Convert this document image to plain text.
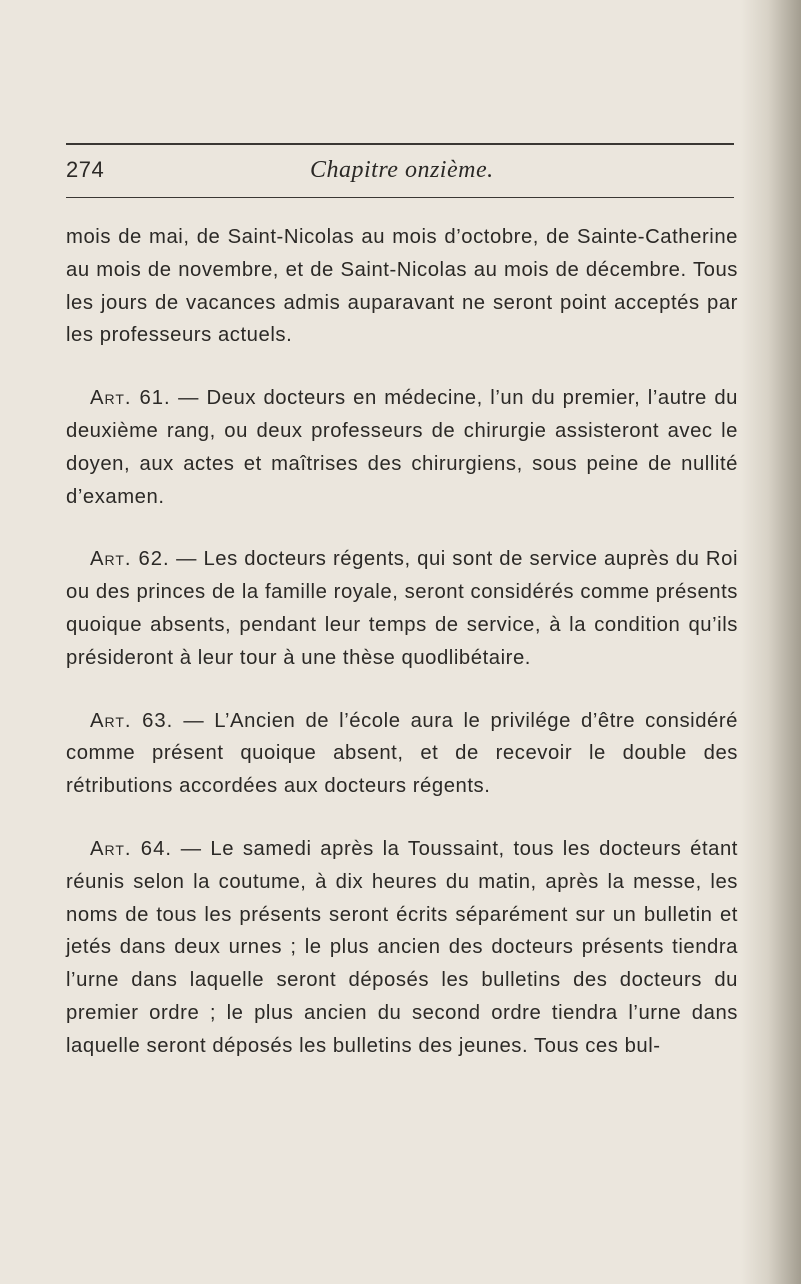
274	Chapitre onzième.

mois de mai, de Saint-Nicolas au mois d’octobre, de Sainte-Catherine au mois de novembre, et de Saint-Nicolas au mois de décembre. Tous les jours de vacances admis auparavant ne seront point acceptés par les professeurs actuels.

Art. 61. — Deux docteurs en médecine, l’un du premier, l’autre du deuxième rang, ou deux professeurs de chirurgie assisteront avec le doyen, aux actes et maîtrises des chirurgiens, sous peine de nullité d’examen.

Art. 62. — Les docteurs régents, qui sont de service auprès du Roi ou des princes de la famille royale, seront considérés comme présents quoique absents, pendant leur temps de service, à la condition qu’ils présideront à leur tour à une thèse quodlibétaire.

Art. 63. — L’Ancien de l’école aura le privilége d’être considéré comme présent quoique absent, et de recevoir le double des rétributions accordées aux docteurs régents.

Art. 64. — Le samedi après la Toussaint, tous les docteurs étant réunis selon la coutume, à dix heures du matin, après la messe, les noms de tous les présents seront écrits séparément sur un bulletin et jetés dans deux urnes ; le plus ancien des docteurs présents tiendra l’urne dans laquelle seront déposés les bulletins des docteurs du premier ordre ; le plus ancien du second ordre tiendra l’urne dans laquelle seront déposés les bulletins des jeunes. Tous ces bul-
